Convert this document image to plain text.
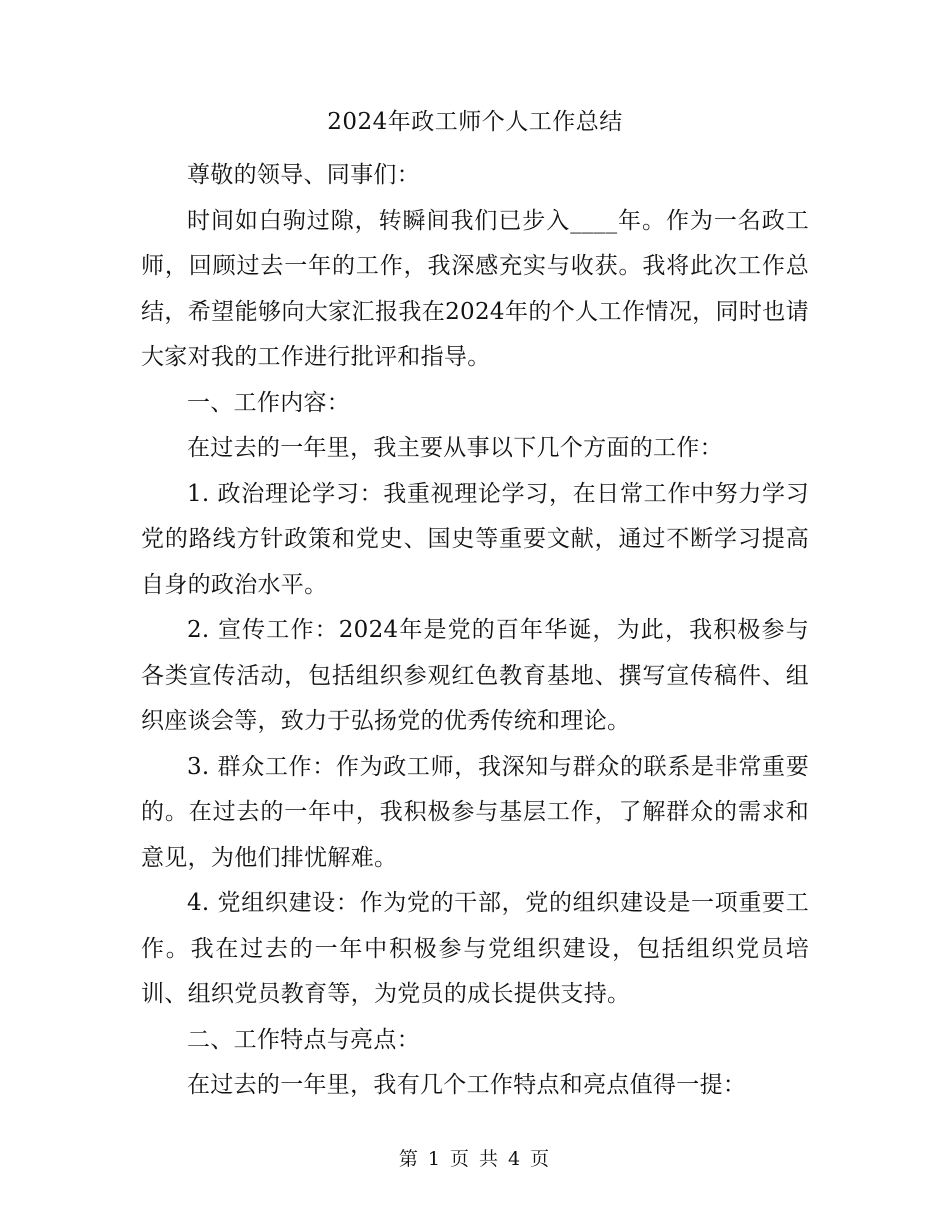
2024年政工师个人工作总结

尊敬的领导、同事们：

时间如白驹过隙，转瞬间我们已步入____年。作为一名政工师，回顾过去一年的工作，我深感充实与收获。我将此次工作总结，希望能够向大家汇报我在2024年的个人工作情况，同时也请大家对我的工作进行批评和指导。

一、工作内容：

在过去的一年里，我主要从事以下几个方面的工作：

1. 政治理论学习：我重视理论学习，在日常工作中努力学习党的路线方针政策和党史、国史等重要文献，通过不断学习提高自身的政治水平。

2. 宣传工作：2024年是党的百年华诞，为此，我积极参与各类宣传活动，包括组织参观红色教育基地、撰写宣传稿件、组织座谈会等，致力于弘扬党的优秀传统和理论。

3. 群众工作：作为政工师，我深知与群众的联系是非常重要的。在过去的一年中，我积极参与基层工作，了解群众的需求和意见，为他们排忧解难。

4. 党组织建设：作为党的干部，党的组织建设是一项重要工作。我在过去的一年中积极参与党组织建设，包括组织党员培训、组织党员教育等，为党员的成长提供支持。

二、工作特点与亮点：

在过去的一年里，我有几个工作特点和亮点值得一提：

第 1 页 共 4 页
